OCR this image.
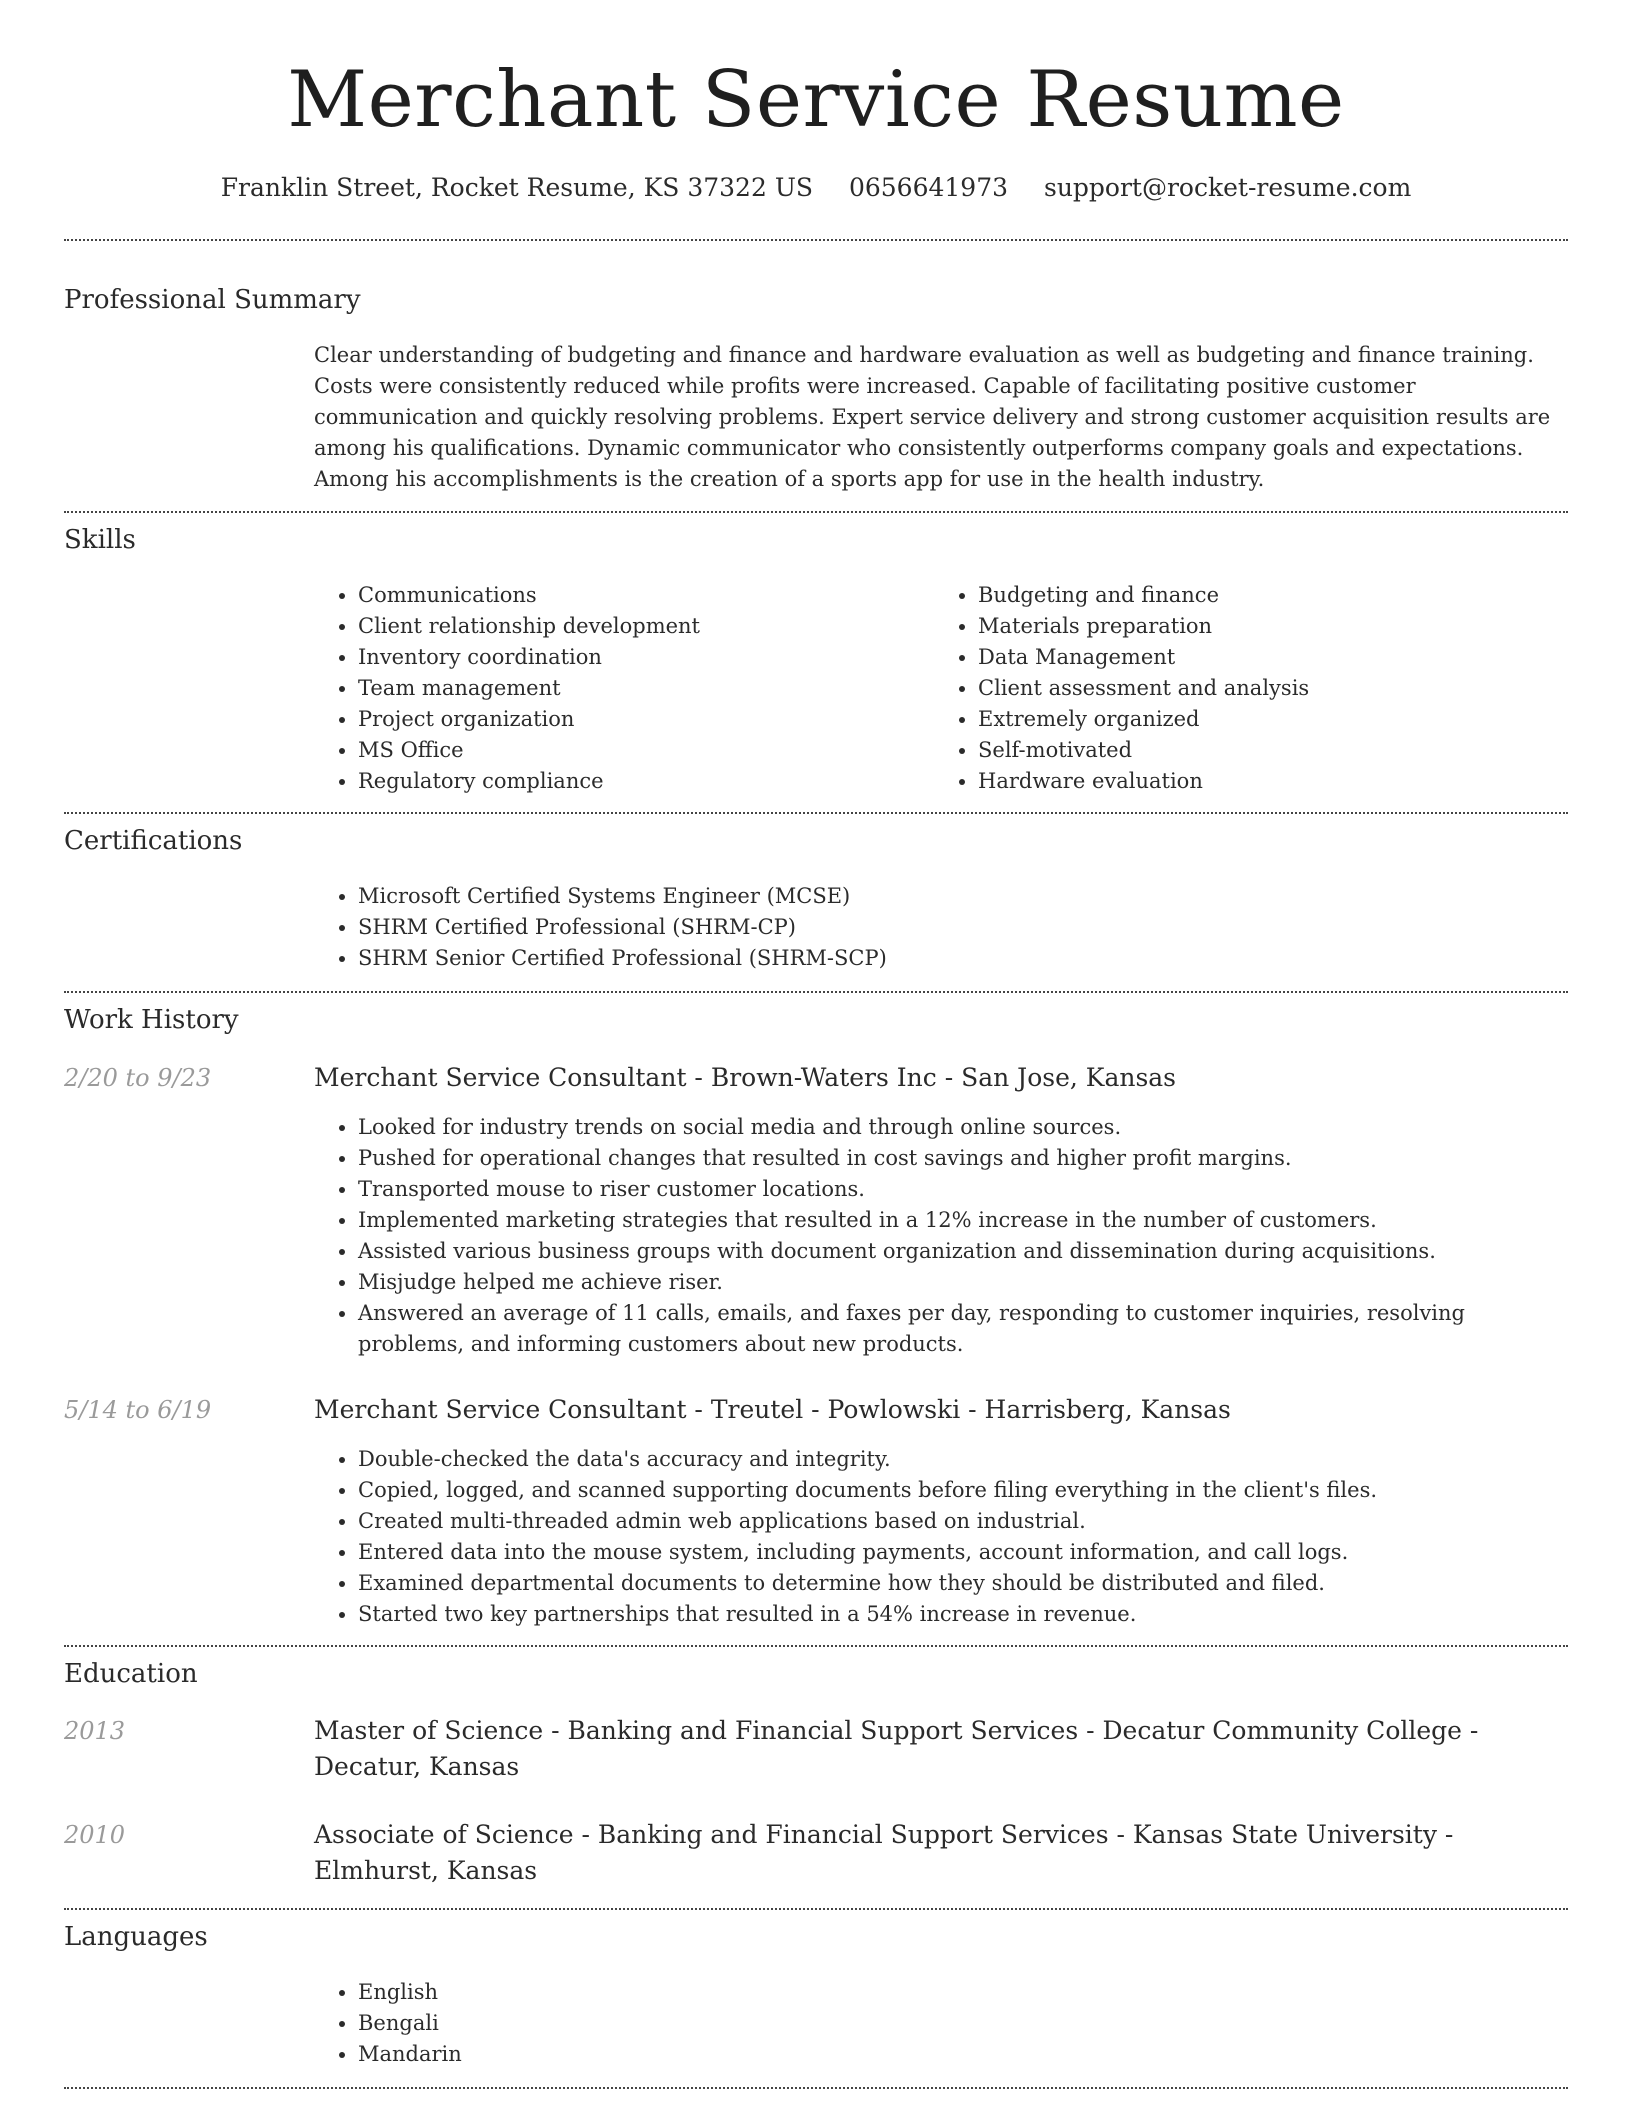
Merchant Service Resume
Franklin Street, Rocket Resume, KS 37322 US 0656641973 support@rocket-resume.com
Professional Summary

Clear understanding of budgeting and finance and hardware evaluation as well as budgeting and finance training. Costs were consistently reduced while profits were increased. Capable of facilitating positive customer communication and quickly resolving problems. Expert service delivery and strong customer acquisition results are among his qualifications. Dynamic communicator who consistently outperforms company goals and expectations. Among his accomplishments is the creation of a sports app for use in the health industry.

Skills
• Communications
• Client relationship development
• Inventory coordination
• Team management
• Project organization
• MS Office
• Regulatory compliance
• Budgeting and finance
• Materials preparation
• Data Management
• Client assessment and analysis
• Extremely organized
• Self-motivated
• Hardware evaluation
Certifications
• Microsoft Certified Systems Engineer (MCSE)
• SHRM Certified Professional (SHRM-CP)
• SHRM Senior Certified Professional (SHRM-SCP)
Work History
2/20 to 9/23	Merchant Service Consultant - Brown-Waters Inc - San Jose, Kansas
• Looked for industry trends on social media and through online sources.
• Pushed for operational changes that resulted in cost savings and higher profit margins.
• Transported mouse to riser customer locations.
• Implemented marketing strategies that resulted in a 12% increase in the number of customers.
• Assisted various business groups with document organization and dissemination during acquisitions.
• Misjudge helped me achieve riser.
• Answered an average of 11 calls, emails, and faxes per day, responding to customer inquiries, resolving problems, and informing customers about new products.
5/14 to 6/19	Merchant Service Consultant - Treutel - Powlowski - Harrisberg, Kansas
• Double-checked the data's accuracy and integrity.
• Copied, logged, and scanned supporting documents before filing everything in the client's files.
• Created multi-threaded admin web applications based on industrial.
• Entered data into the mouse system, including payments, account information, and call logs.
• Examined departmental documents to determine how they should be distributed and filed.
• Started two key partnerships that resulted in a 54% increase in revenue.
Education
2013	Master of Science - Banking and Financial Support Services - Decatur Community College - Decatur, Kansas
2010	Associate of Science - Banking and Financial Support Services - Kansas State University - Elmhurst, Kansas
Languages
• English
• Bengali
• Mandarin
